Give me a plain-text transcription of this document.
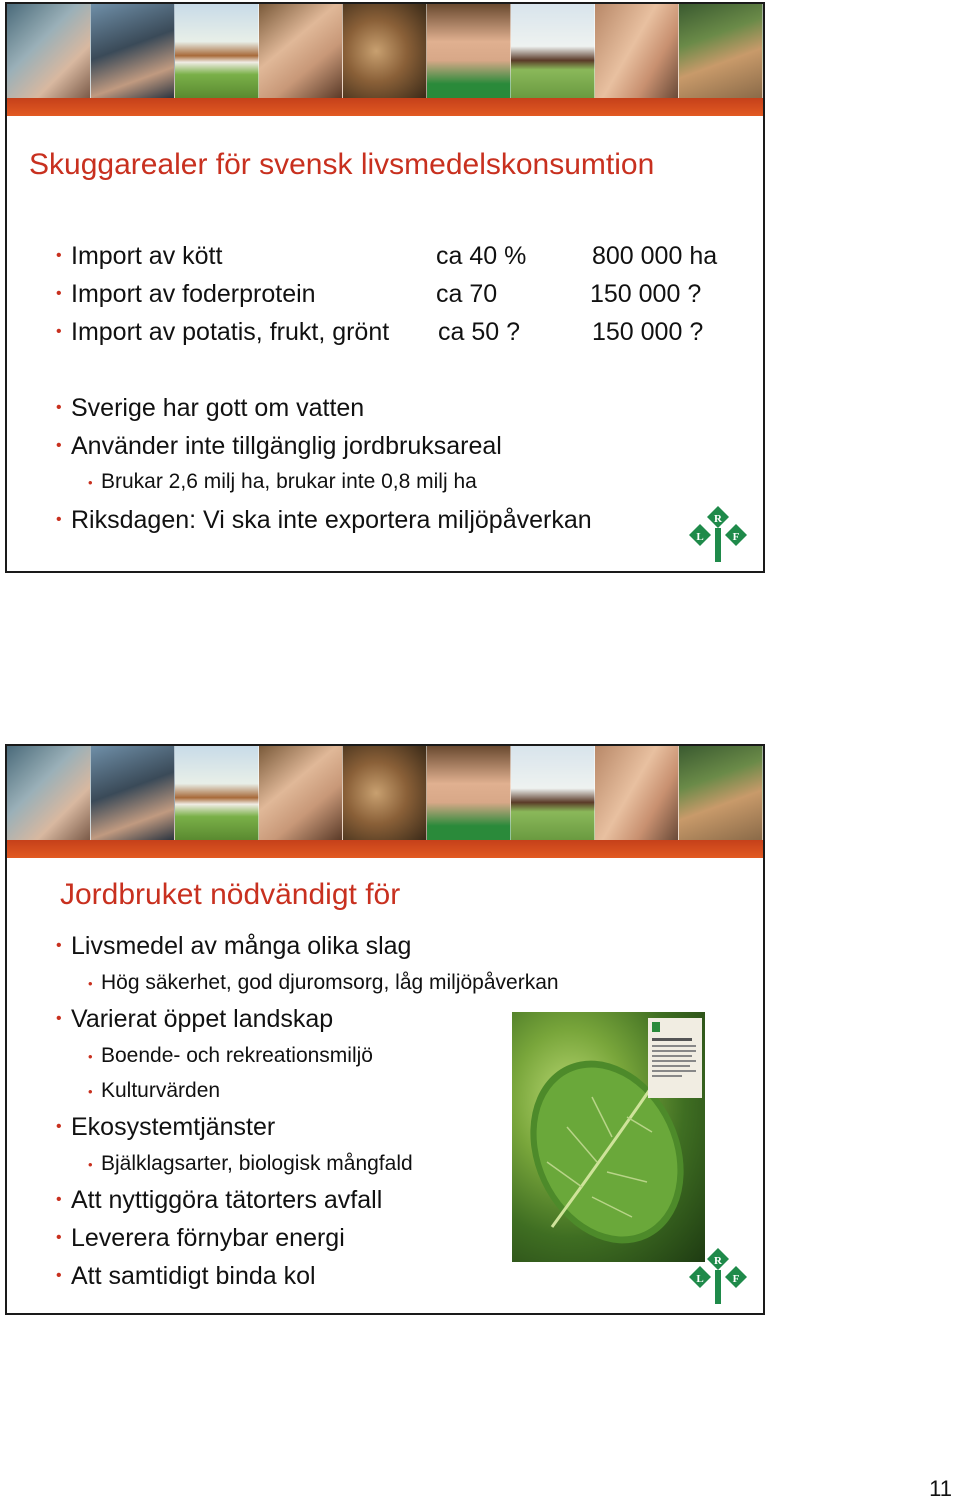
Skuggarealer för svensk livsmedelskonsumtion
• Import av kött	ca 40 %	800 000 ha
• Import av foderprotein	ca 70	150 000 ?
• Import av potatis, frukt, grönt ca 50 ?	150 000 ?
• Sverige har gott om vatten
• Använder inte tillgänglig jordbruksareal
• Brukar 2,6 milj ha, brukar inte 0,8 milj ha
• Riksdagen: Vi ska inte exportera miljöpåverkan	R
L	F
Jordbruket nödvändigt för
• Livsmedel av många olika slag
• Hög säkerhet, god djuromsorg, låg miljöpåverkan
• Varierat öppet landskap
• Boende- och rekreationsmiljö
• Kulturvärden
• Ekosystemtjänster
• Bjälklagsarter, biologisk mångfald
• Att nyttiggöra tätorters avfall
• Leverera förnybar energi
• Att samtidigt binda kol
R
L	F
11
